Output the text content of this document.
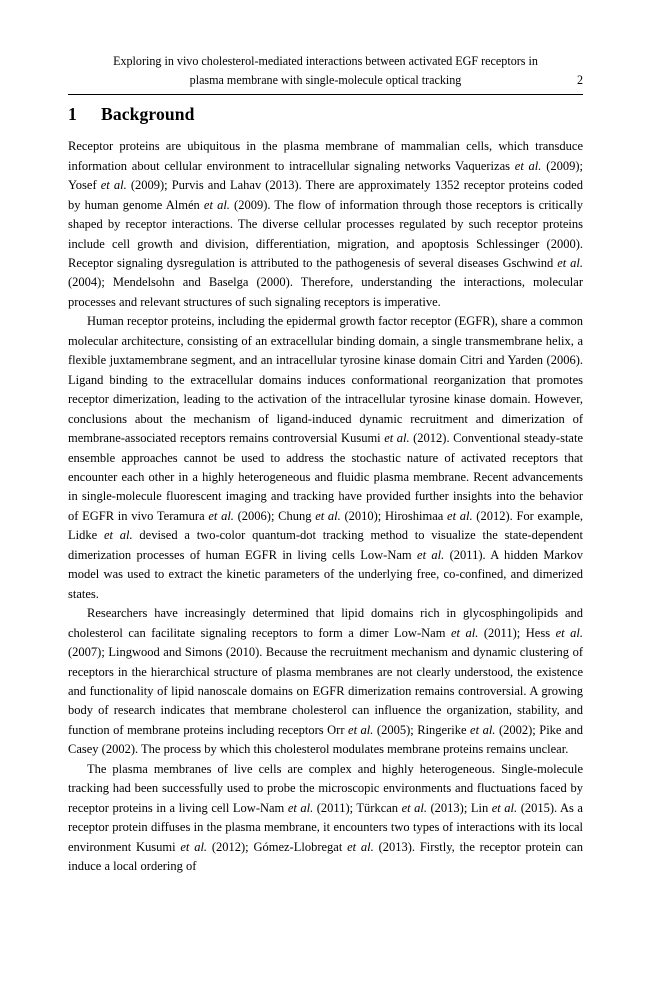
Exploring in vivo cholesterol-mediated interactions between activated EGF receptors in
plasma membrane with single-molecule optical tracking	2
1 Background

Receptor proteins are ubiquitous in the plasma membrane of mammalian cells, which transduce information about cellular environment to intracellular signaling networks Vaquerizas et al. (2009); Yosef et al. (2009); Purvis and Lahav (2013). There are approximately 1352 receptor proteins coded by human genome Almén et al. (2009). The flow of information through those receptors is critically shaped by receptor interactions. The diverse cellular processes regulated by such receptor proteins include cell growth and division, differentiation, migration, and apoptosis Schlessinger (2000). Receptor signaling dysregulation is attributed to the pathogenesis of several diseases Gschwind et al. (2004); Mendelsohn and Baselga (2000). Therefore, understanding the interactions, molecular processes and relevant structures of such signaling receptors is imperative.

Human receptor proteins, including the epidermal growth factor receptor (EGFR), share a common molecular architecture, consisting of an extracellular binding domain, a single transmembrane helix, a flexible juxtamembrane segment, and an intracellular tyrosine kinase domain Citri and Yarden (2006). Ligand binding to the extracellular domains induces conformational reorganization that promotes receptor dimerization, leading to the activation of the intracellular tyrosine kinase domain. However, conclusions about the mechanism of ligand-induced dynamic recruitment and dimerization of membrane-associated receptors remains controversial Kusumi et al. (2012). Conventional steady-state ensemble approaches cannot be used to address the stochastic nature of activated receptors that encounter each other in a highly heterogeneous and fluidic plasma membrane. Recent advancements in single-molecule fluorescent imaging and tracking have provided further insights into the behavior of EGFR in vivo Teramura et al. (2006); Chung et al. (2010); Hiroshimaa et al. (2012). For example, Lidke et al. devised a two-color quantum-dot tracking method to visualize the state-dependent dimerization processes of human EGFR in living cells Low-Nam et al. (2011). A hidden Markov model was used to extract the kinetic parameters of the underlying free, co-confined, and dimerized states.

Researchers have increasingly determined that lipid domains rich in glycosphingolipids and cholesterol can facilitate signaling receptors to form a dimer Low-Nam et al. (2011); Hess et al. (2007); Lingwood and Simons (2010). Because the recruitment mechanism and dynamic clustering of receptors in the hierarchical structure of plasma membranes are not clearly understood, the existence and functionality of lipid nanoscale domains on EGFR dimerization remains controversial. A growing body of research indicates that membrane cholesterol can influence the organization, stability, and function of membrane proteins including receptors Orr et al. (2005); Ringerike et al. (2002); Pike and Casey (2002). The process by which this cholesterol modulates membrane proteins remains unclear.

The plasma membranes of live cells are complex and highly heterogeneous. Single-molecule tracking had been successfully used to probe the microscopic environments and fluctuations faced by receptor proteins in a living cell Low-Nam et al. (2011); Türkcan et al. (2013); Lin et al. (2015). As a receptor protein diffuses in the plasma membrane, it encounters two types of interactions with its local environment Kusumi et al. (2012); Gómez-Llobregat et al. (2013). Firstly, the receptor protein can induce a local ordering of
